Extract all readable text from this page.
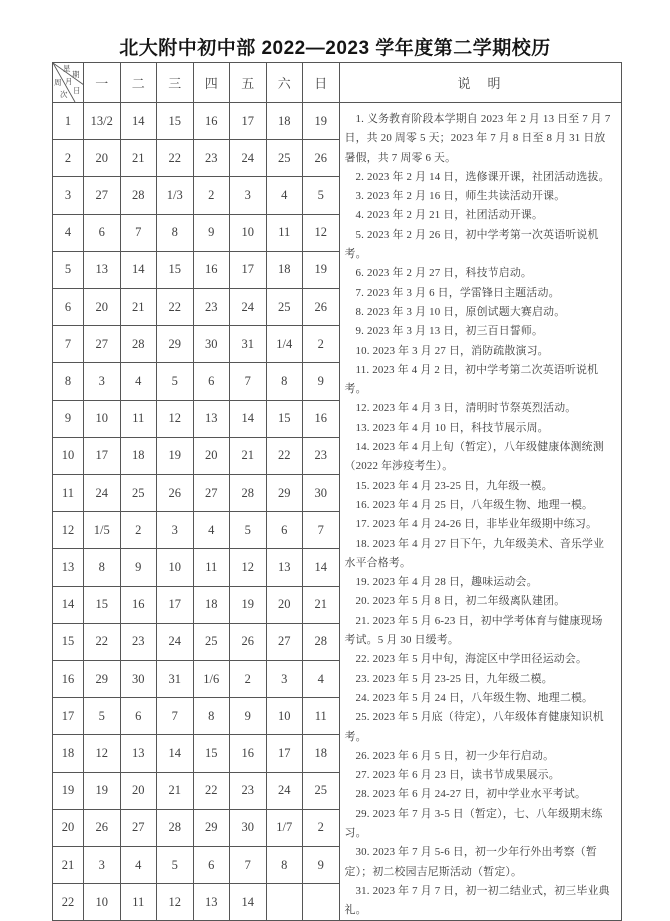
北大附中初中部 2022—2023 学年度第二学期校历
星
期
月
日
周
次
	一	二	三	四	五	六	日	说　明
1	13/2	14	15	16	17	18	19	1. 义务教育阶段本学期自 2023 年 2 月 13 日至 7 月 7 日，共 20 周零 5 天；2023 年 7 月 8 日至 8 月 31 日放暑假，共 7 周零 6 天。

2. 2023 年 2 月 14 日，选修课开课，社团活动选拔。

3. 2023 年 2 月 16 日，师生共读活动开课。

4. 2023 年 2 月 21 日，社团活动开课。

5. 2023 年 2 月 26 日，初中学考第一次英语听说机考。

6. 2023 年 2 月 27 日，科技节启动。

7. 2023 年 3 月 6 日，学雷锋日主题活动。

8. 2023 年 3 月 10 日，原创试题大赛启动。

9. 2023 年 3 月 13 日，初三百日誓师。

10. 2023 年 3 月 27 日，消防疏散演习。

11. 2023 年 4 月 2 日，初中学考第二次英语听说机考。

12. 2023 年 4 月 3 日，清明时节祭英烈活动。

13. 2023 年 4 月 10 日，科技节展示周。

14. 2023 年 4 月上旬（暂定），八年级健康体测统测（2022 年涉疫考生）。

15. 2023 年 4 月 23-25 日，九年级一模。

16. 2023 年 4 月 25 日，八年级生物、地理一模。

17. 2023 年 4 月 24-26 日，非毕业年级期中练习。

18. 2023 年 4 月 27 日下午，九年级美术、音乐学业水平合格考。

19. 2023 年 4 月 28 日，趣味运动会。

20. 2023 年 5 月 8 日，初二年级离队建团。

21. 2023 年 5 月 6-23 日，初中学考体育与健康现场考试。5 月 30 日缓考。

22. 2023 年 5 月中旬，海淀区中学田径运动会。

23. 2023 年 5 月 23-25 日，九年级二模。

24. 2023 年 5 月 24 日，八年级生物、地理二模。

25. 2023 年 5 月底（待定），八年级体育健康知识机考。

26. 2023 年 6 月 5 日，初一少年行启动。

27. 2023 年 6 月 23 日，读书节成果展示。

28. 2023 年 6 月 24-27 日，初中学业水平考试。

29. 2023 年 7 月 3-5 日（暂定），七、八年级期末练习。

30. 2023 年 7 月 5-6 日，初一少年行外出考察（暂定）；初二校园吉尼斯活动（暂定）。

31. 2023 年 7 月 7 日，初一初二结业式，初三毕业典礼。

2	20	21	22	23	24	25	26	
3	27	28	1/3	2	3	4	5	
4	6	7	8	9	10	11	12	
5	13	14	15	16	17	18	19	
6	20	21	22	23	24	25	26	
7	27	28	29	30	31	1/4	2	
8	3	4	5	6	7	8	9	
9	10	11	12	13	14	15	16	
10	17	18	19	20	21	22	23	
11	24	25	26	27	28	29	30	
12	1/5	2	3	4	5	6	7	
13	8	9	10	11	12	13	14	
14	15	16	17	18	19	20	21	
15	22	23	24	25	26	27	28	
16	29	30	31	1/6	2	3	4	
17	5	6	7	8	9	10	11	
18	12	13	14	15	16	17	18	
19	19	20	21	22	23	24	25	
20	26	27	28	29	30	1/7	2	
21	3	4	5	6	7	8	9	
22	10	11	12	13	14			
